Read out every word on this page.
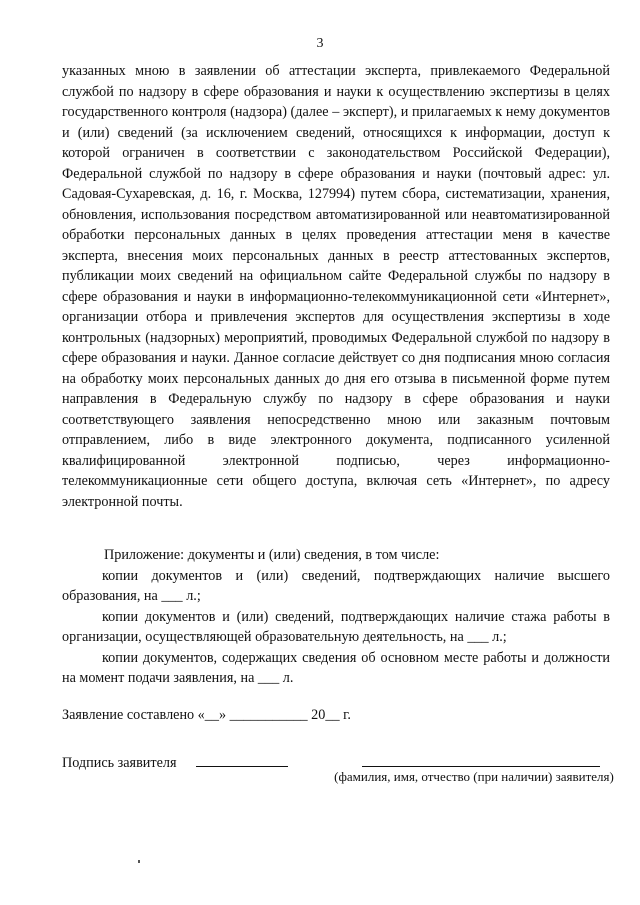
3

указанных мною в заявлении об аттестации эксперта, привлекаемого Федеральной службой по надзору в сфере образования и науки к осуществлению экспертизы в целях государственного контроля (надзора) (далее – эксперт), и прилагаемых к нему документов и (или) сведений (за исключением сведений, относящихся к информации, доступ к которой ограничен в соответствии с законодательством Российской Федерации), Федеральной службой по надзору в сфере образования и науки (почтовый адрес: ул. Садовая-Сухаревская, д. 16, г. Москва, 127994) путем сбора, систематизации, хранения, обновления, использования посредством автоматизированной или неавтоматизированной обработки персональных данных в целях проведения аттестации меня в качестве эксперта, внесения моих персональных данных в реестр аттестованных экспертов, публикации моих сведений на официальном сайте Федеральной службы по надзору в сфере образования и науки в информационно-телекоммуникационной сети «Интернет», организации отбора и привлечения экспертов для осуществления экспертизы в ходе контрольных (надзорных) мероприятий, проводимых Федеральной службой по надзору в сфере образования и науки. Данное согласие действует со дня подписания мною согласия на обработку моих персональных данных до дня его отзыва в письменной форме путем направления в Федеральную службу по надзору в сфере образования и науки соответствующего заявления непосредственно мною или заказным почтовым отправлением, либо в виде электронного документа, подписанного усиленной квалифицированной электронной подписью, через информационно-телекоммуникационные сети общего доступа, включая сеть «Интернет», по адресу электронной почты.

Приложение: документы и (или) сведения, в том числе:

копии документов и (или) сведений, подтверждающих наличие высшего образования, на ___ л.;

копии документов и (или) сведений, подтверждающих наличие стажа работы в организации, осуществляющей образовательную деятельность, на ___ л.;

копии документов, содержащих сведения об основном месте работы и должности на момент подачи заявления, на ___ л.

Заявление составлено «__» ___________ 20__ г.
Подпись заявителя
(фамилия, имя, отчество (при наличии) заявителя)
